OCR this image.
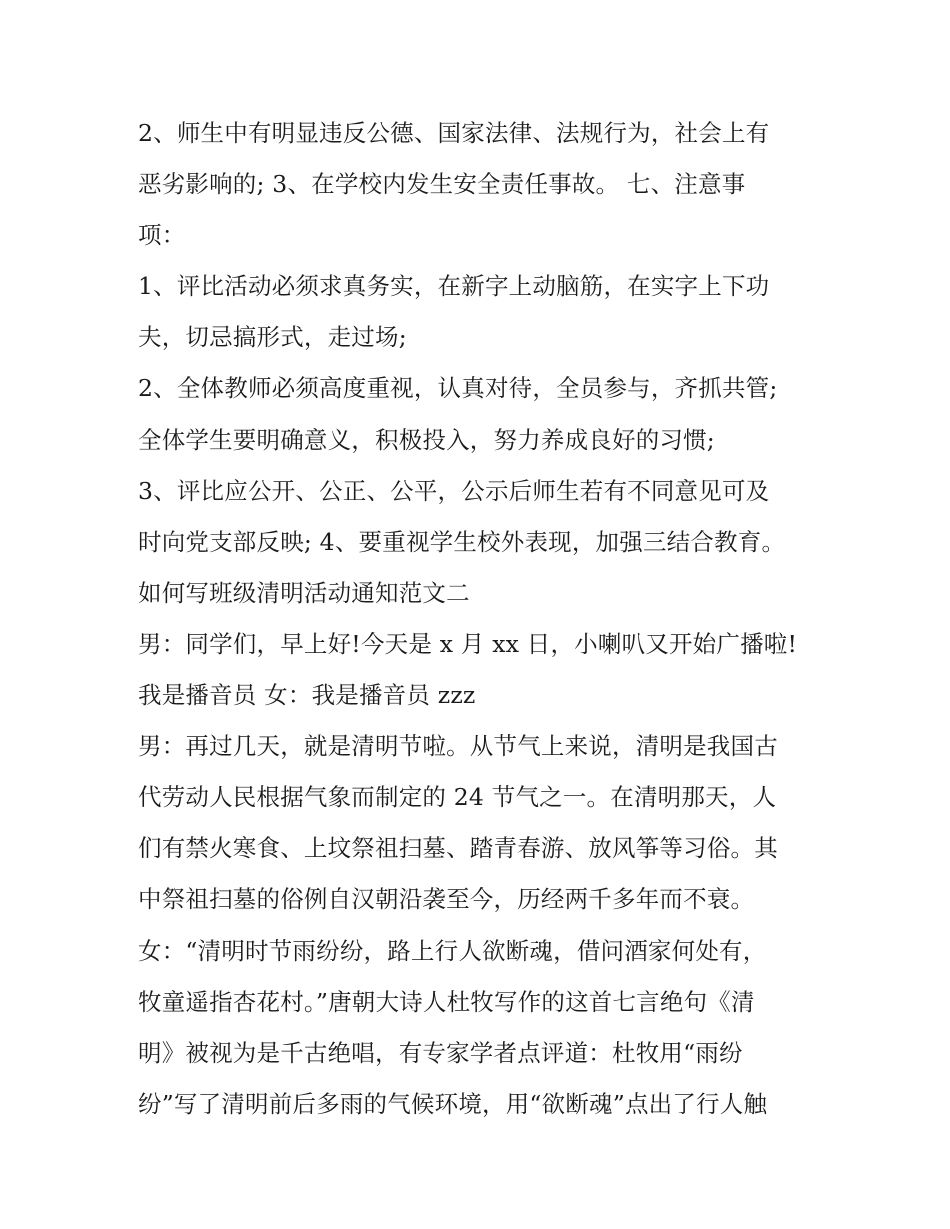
2、师生中有明显违反公德、国家法律、法规行为，社会上有
恶劣影响的; 3、在学校内发生安全责任事故。 七、注意事
项：
1、评比活动必须求真务实，在新字上动脑筋，在实字上下功
夫，切忌搞形式，走过场;
2、全体教师必须高度重视，认真对待，全员参与，齐抓共管;
全体学生要明确意义，积极投入，努力养成良好的习惯;
3、评比应公开、公正、公平，公示后师生若有不同意见可及
时向党支部反映; 4、要重视学生校外表现，加强三结合教育。
如何写班级清明活动通知范文二
男：同学们，早上好!今天是 x 月 xx 日，小喇叭又开始广播啦!
我是播音员 女：我是播音员 zzz
男：再过几天，就是清明节啦。从节气上来说，清明是我国古
代劳动人民根据气象而制定的 24 节气之一。在清明那天，人
们有禁火寒食、上坟祭祖扫墓、踏青春游、放风筝等习俗。其
中祭祖扫墓的俗例自汉朝沿袭至今，历经两千多年而不衰。
女：“清明时节雨纷纷，路上行人欲断魂，借问酒家何处有，
牧童遥指杏花村。”唐朝大诗人杜牧写作的这首七言绝句《清
明》被视为是千古绝唱，有专家学者点评道：杜牧用“雨纷
纷”写了清明前后多雨的气候环境，用“欲断魂”点出了行人触
